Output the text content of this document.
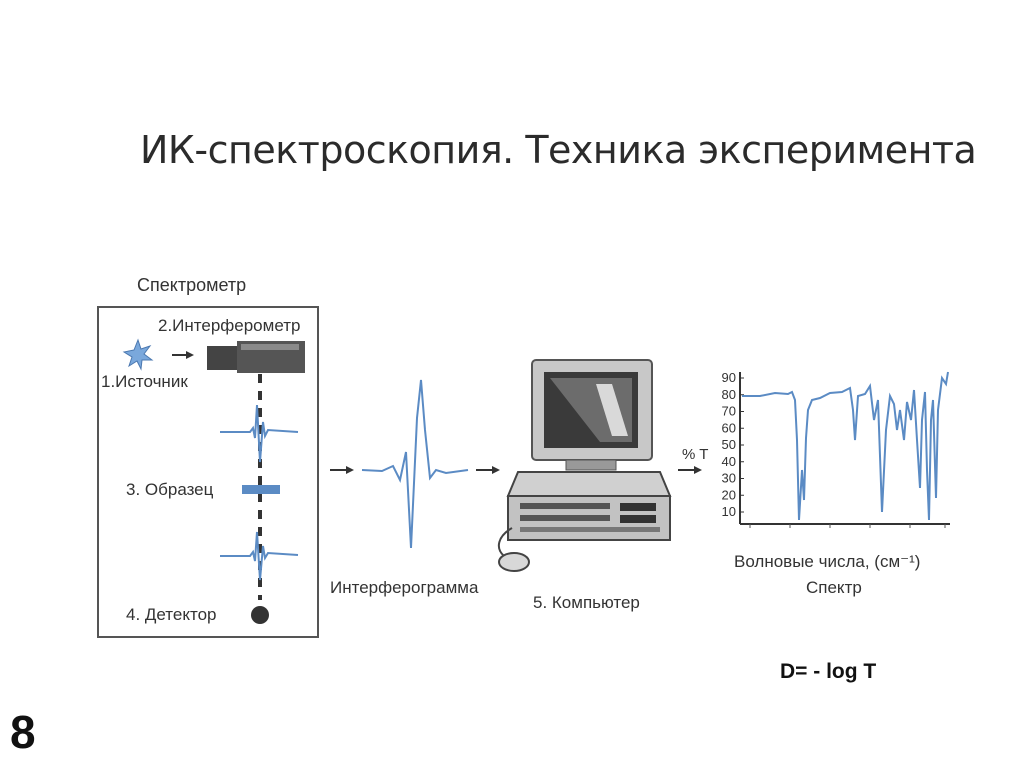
ИК-спектроскопия. Техника эксперимента
Спектрометр
2.Интерферометр
1.Источник
3. Образец
4. Детектор
Интерферограмма
5. Компьютер
Волновые числа, (см⁻¹)
Спектр
% T
D= - log T
8
90
80
70
60
50
40
30
20
10
